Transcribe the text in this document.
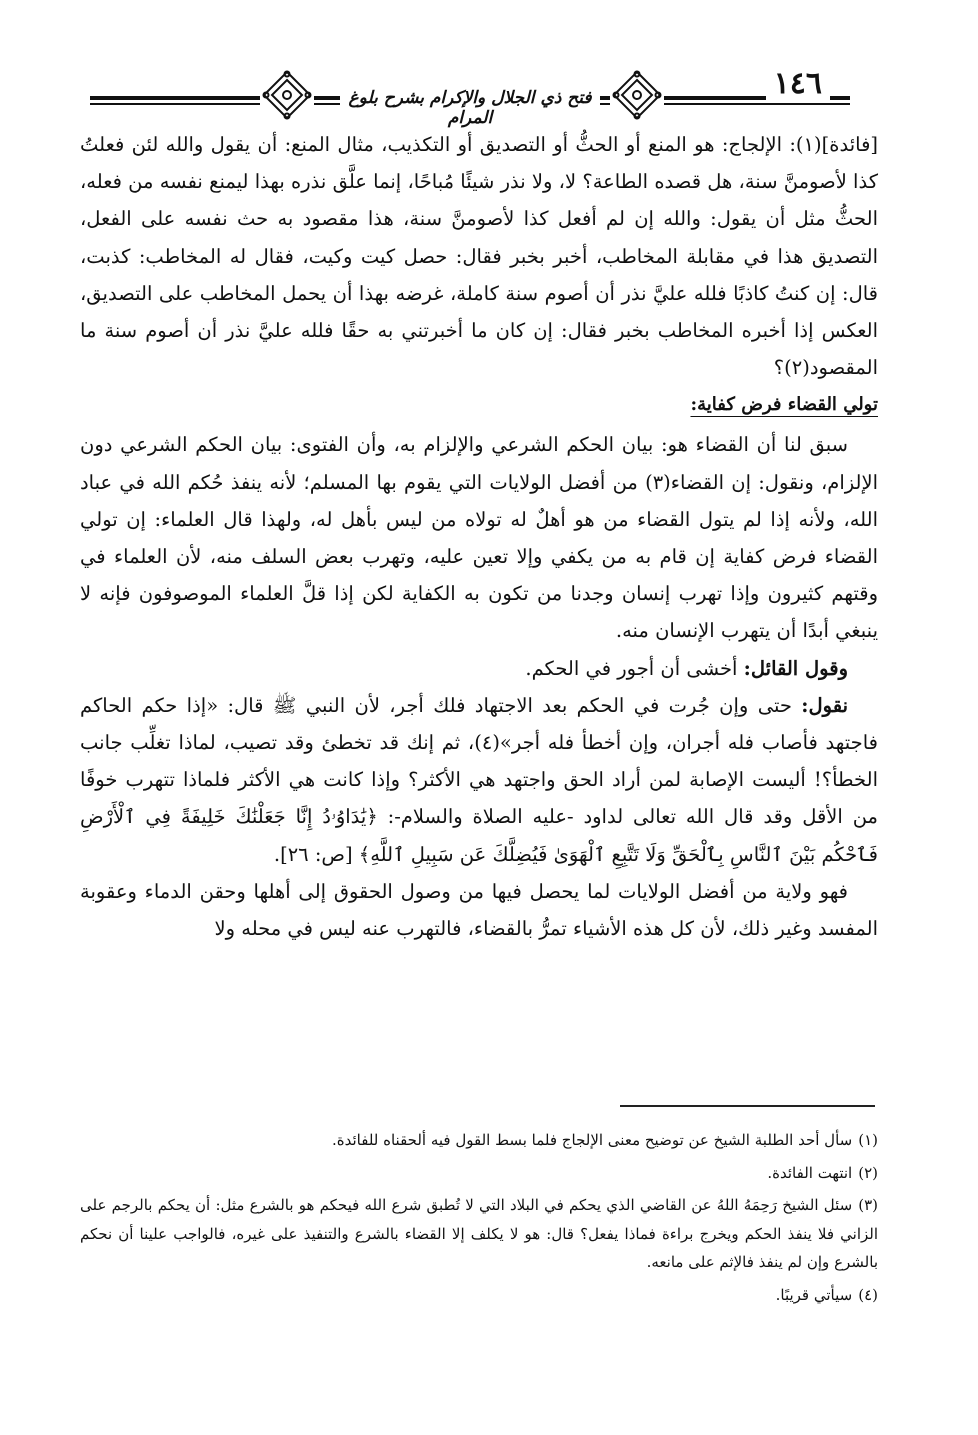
فتح ذي الجلال والإكرام بشرح بلوغ المرام
١٤٦

[فائدة](١): الإلجاج: هو المنع أو الحثُّ أو التصديق أو التكذيب، مثال المنع: أن يقول والله لئن فعلتُ كذا لأصومنَّ سنة، هل قصده الطاعة؟ لا، ولا نذر شيئًا مُباحًا، إنما علَّق نذره بهذا ليمنع نفسه من فعله، الحثُّ مثل أن يقول: والله إن لم أفعل كذا لأصومنَّ سنة، هذا مقصود به حث نفسه على الفعل، التصديق هذا في مقابلة المخاطب، أخبر بخبر فقال: حصل كيت وكيت، فقال له المخاطب: كذبت، قال: إن كنتُ كاذبًا فلله عليَّ نذر أن أصوم سنة كاملة، غرضه بهذا أن يحمل المخاطب على التصديق، العكس إذا أخبره المخاطب بخبر فقال: إن كان ما أخبرتني به حقًا فلله عليَّ نذر أن أصوم سنة ما المقصود(٢)؟

تولي القضاء فرض كفاية:

سبق لنا أن القضاء هو: بيان الحكم الشرعي والإلزام به، وأن الفتوى: بيان الحكم الشرعي دون الإلزام، ونقول: إن القضاء(٣) من أفضل الولايات التي يقوم بها المسلم؛ لأنه ينفذ حُكم الله في عباد الله، ولأنه إذا لم يتول القضاء من هو أهلٌ له تولاه من ليس بأهل له، ولهذا قال العلماء: إن تولي القضاء فرض كفاية إن قام به من يكفي وإلا تعين عليه، وتهرب بعض السلف منه، لأن العلماء في وقتهم كثيرون وإذا تهرب إنسان وجدنا من تكون به الكفاية لكن إذا قلَّ العلماء الموصوفون فإنه لا ينبغي أبدًا أن يتهرب الإنسان منه.

وقول القائل: أخشى أن أجور في الحكم.

نقول: حتى وإن جُرت في الحكم بعد الاجتهاد فلك أجر، لأن النبي ﷺ قال: «إذا حكم الحاكم فاجتهد فأصاب فله أجران، وإن أخطأ فله أجر»(٤)، ثم إنك قد تخطئ وقد تصيب، لماذا تغلِّب جانب الخطأ؟! أليست الإصابة لمن أراد الحق واجتهد هي الأكثر؟ وإذا كانت هي الأكثر فلماذا تتهرب خوفًا من الأقل وقد قال الله تعالى لداود -عليه الصلاة والسلام-: ﴿يَٰدَاوُۥدُ إِنَّا جَعَلْنَٰكَ خَلِيفَةً فِي ٱلْأَرْضِ فَٱحْكُم بَيْنَ ٱلنَّاسِ بِٱلْحَقِّ وَلَا تَتَّبِعِ ٱلْهَوَىٰ فَيُضِلَّكَ عَن سَبِيلِ ٱللَّهِ﴾ [ص: ٢٦].

فهو ولاية من أفضل الولايات لما يحصل فيها من وصول الحقوق إلى أهلها وحقن الدماء وعقوبة المفسد وغير ذلك، لأن كل هذه الأشياء تمرُّ بالقضاء، فالتهرب عنه ليس في محله ولا

(١)سأل أحد الطلبة الشيخ عن توضيح معنى الإلجاج فلما بسط القول فيه ألحقناه للفائدة.

(٢)انتهت الفائدة.

(٣)سئل الشيخ رَحِمَهُ اللهُ عن القاضي الذي يحكم في البلاد التي لا تُطبق شرع الله فيحكم هو بالشرع مثل: أن يحكم بالرجم على الزاني فلا ينفذ الحكم ويخرج براءة فماذا يفعل؟ قال: هو لا يكلف إلا القضاء بالشرع والتنفيذ على غيره، فالواجب علينا أن نحكم بالشرع وإن لم ينفذ فالإثم على مانعه.

(٤)سيأتي قريبًا.
